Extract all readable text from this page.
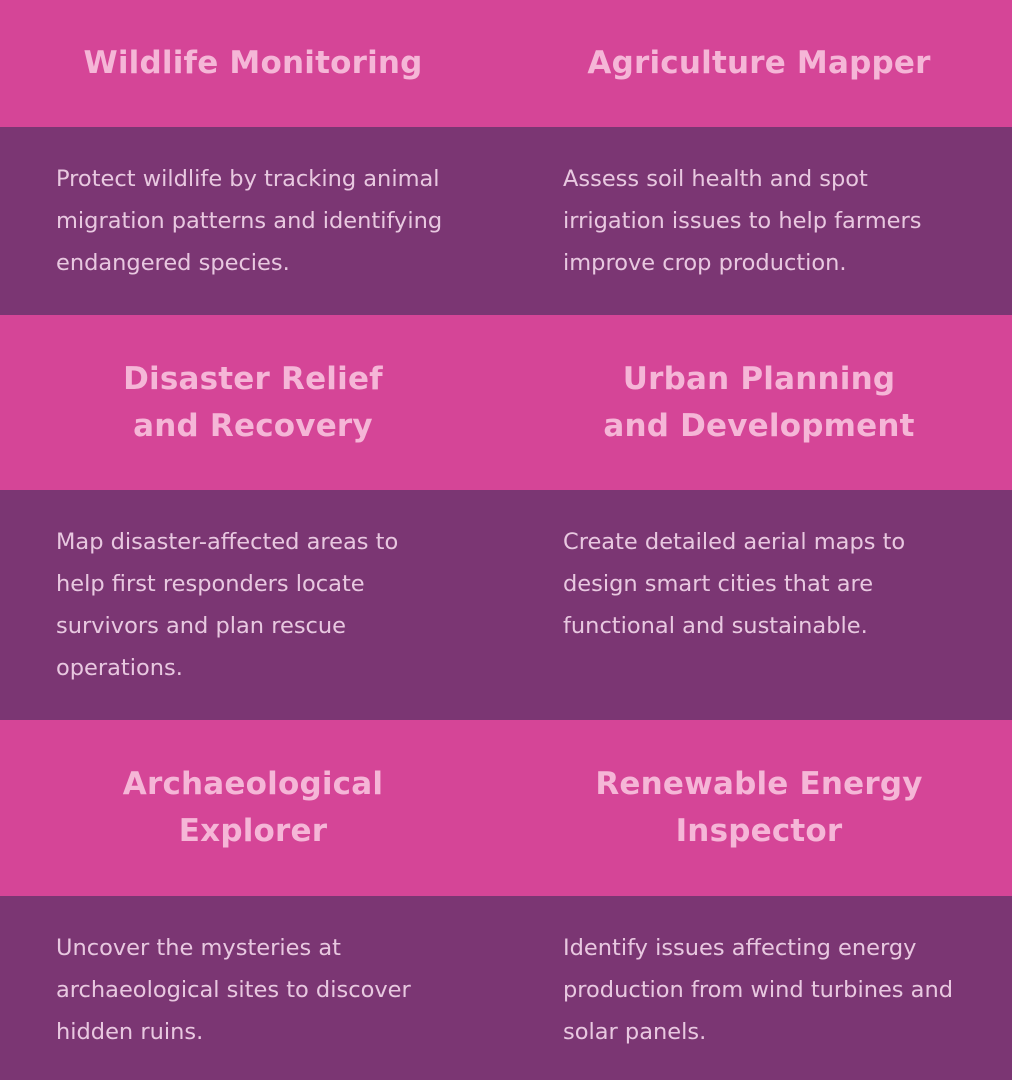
Wildlife Monitoring	Agriculture Mapper

Protect wildlife by tracking animal migration patterns and identifying endangered species.

Assess soil health and spot irrigation issues to help farmers improve crop production.

Disaster Relief and Recovery
Urban Planning and Development

Map disaster-affected areas to help first responders locate survivors and plan rescue operations.

Create detailed aerial maps to design smart cities that are functional and sustainable.

Archaeological Explorer
Renewable Energy Inspector

Uncover the mysteries at archaeological sites to discover hidden ruins.

Identify issues affecting energy production from wind turbines and solar panels.
